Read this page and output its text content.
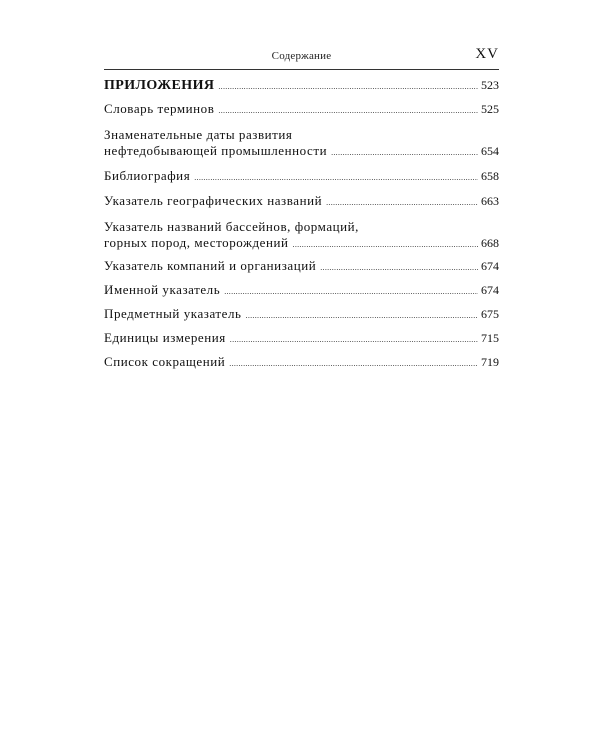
Содержание	XV
ПРИЛОЖЕНИЯ .....	523
Словарь терминов .....	525
Знаменательные даты развития
нефтедобывающей промышленности .....	654
Библиография .....	658
Указатель географических названий .....	663
Указатель названий бассейнов, формаций,
горных пород, месторождений .....	668
Указатель компаний и организаций .....	674
Именной указатель .....	674
Предметный указатель .....	675
Единицы измерения .....	715
Список сокращений .....	719
